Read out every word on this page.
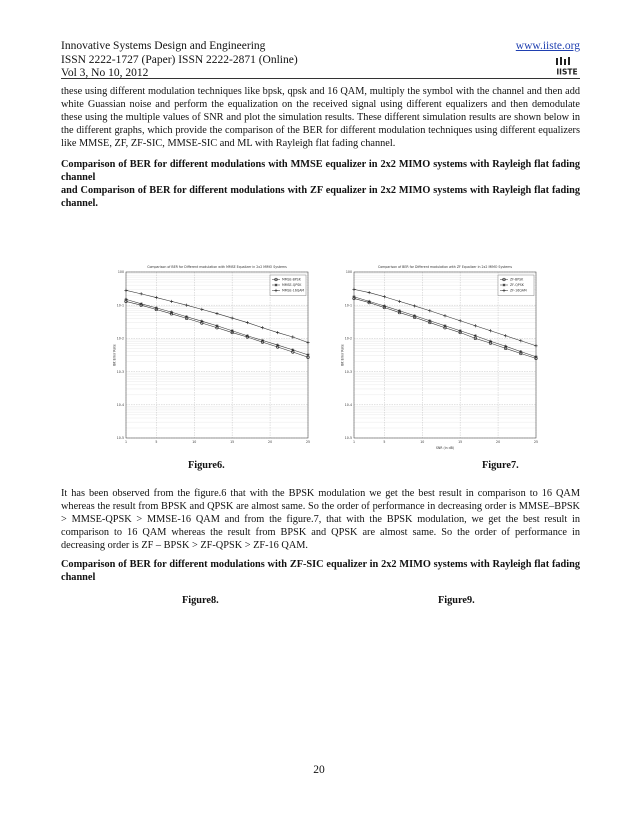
Innovative Systems Design and Engineering
ISSN 2222-1727 (Paper) ISSN 2222-2871 (Online)
Vol 3, No 10, 2012
www.iiste.org
IISTE
these using different modulation techniques like bpsk, qpsk and 16 QAM, multiply the symbol with the channel and then add white Guassian noise and perform the equalization on the received signal using different equalizers and then demodulate these using the multiple values of SNR and plot the simulation results. These different simulation results are shown below in the different graphs, which provide the comparison of the BER for different modulation techniques using different equalizers like MMSE, ZF, ZF-SIC, MMSE-SIC and ML with Rayleigh flat fading channel.
Comparison of BER for different modulations with MMSE equalizer in 2x2 MIMO systems with Rayleigh flat fading channel
and Comparison of BER for different modulations with ZF equalizer in 2x2 MIMO systems with Rayleigh flat fading channel.
Comparison of BER for Different modulation with MMSE Equalizer in 2x2 MIMO Systems
10-5
10-4
10-3
10-2
10-1
100
1	5	10	15	20	25
Bit Error Rate
MMSE-BPSK
MMSE-QPSK
MMSE-16QAM
Comparison of BER for Different modulation with ZF Equalizer in 2x2 MIMO Systems
10-5
10-4
10-3
10-2
10-1
100
1	5	10	15	20	25
Bit Error Rate
SNR (in dB)
ZF-BPSK
ZF-QPSK
ZF-16QAM
Figure6.	Figure7.
It has been observed from the figure.6 that with the BPSK modulation we get the best result in comparison to 16 QAM whereas the result from BPSK and QPSK are almost same. So the order of performance in decreasing order is MMSE–BPSK > MMSE-QPSK > MMSE-16 QAM and from the figure.7, that with the BPSK modulation, we get the best result in comparison to 16 QAM whereas the result from BPSK and QPSK are almost same. So the order of performance in decreasing order is ZF – BPSK > ZF-QPSK > ZF-16 QAM.
Comparison of BER for different modulations with ZF-SIC equalizer in 2x2 MIMO systems with Rayleigh flat fading channel
Figure8.	Figure9.
20
